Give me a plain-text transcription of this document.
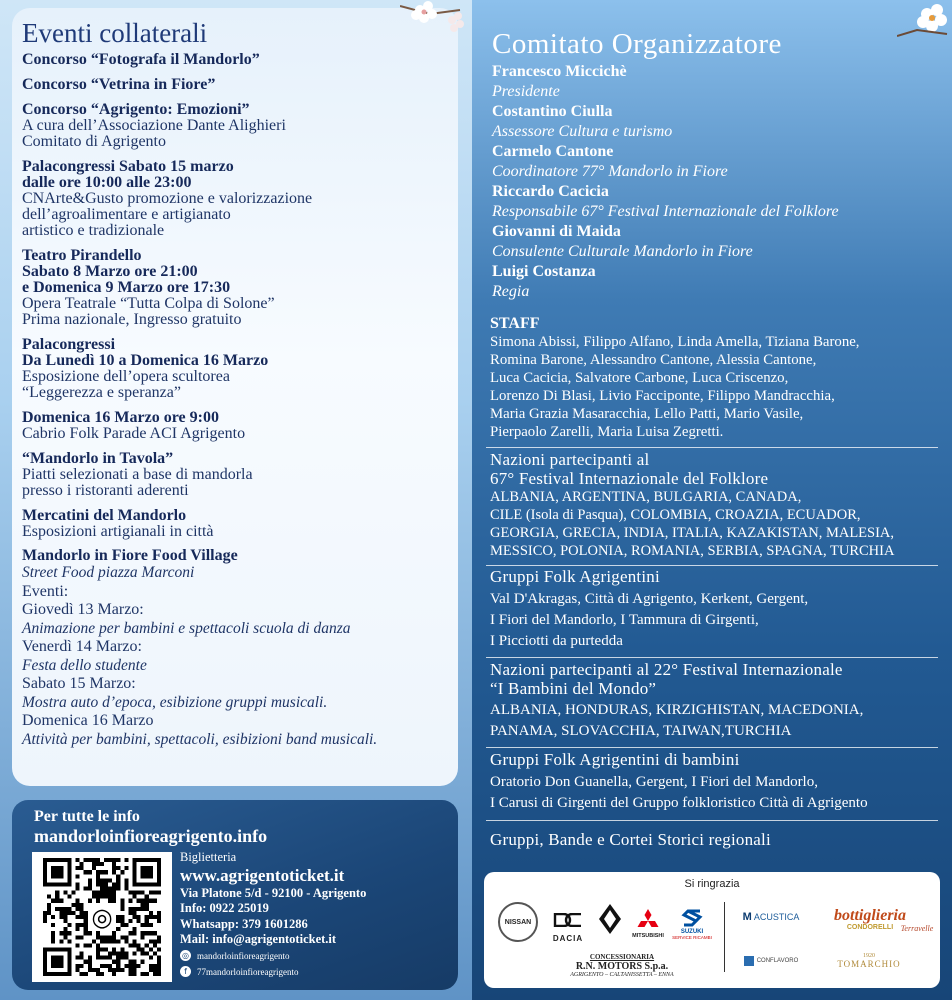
Eventi collaterali
Concorso “Fotografa il Mandorlo”
Concorso “Vetrina in Fiore”
Concorso “Agrigento: Emozioni”
A cura dell’Associazione Dante Alighieri
Comitato di Agrigento
Palacongressi Sabato 15 marzo
dalle ore 10:00 alle 23:00
CNArte&Gusto promozione e valorizzazione
dell’agroalimentare e artigianato
artistico e tradizionale
Teatro Pirandello
Sabato 8 Marzo ore 21:00
e Domenica 9 Marzo ore 17:30
Opera Teatrale “Tutta Colpa di Solone”
Prima nazionale, Ingresso gratuito
Palacongressi
Da Lunedì 10 a Domenica 16 Marzo
Esposizione dell’opera scultorea
“Leggerezza e speranza”
Domenica 16 Marzo ore 9:00
Cabrio Folk Parade ACI Agrigento
“Mandorlo in Tavola”
Piatti selezionati a base di mandorla
presso i ristoranti aderenti
Mercatini del Mandorlo
Esposizioni artigianali in città
Mandorlo in Fiore Food Village
Street Food piazza Marconi
Eventi:
Giovedì 13 Marzo:
Animazione per bambini e spettacoli scuola di danza
Venerdì 14 Marzo:
Festa dello studente
Sabato 15 Marzo:
Mostra auto d’epoca, esibizione gruppi musicali.
Domenica 16 Marzo
Attività per bambini, spettacoli, esibizioni band musicali.
Per tutte le info
mandorloinfioreagrigento.info
◎
Biglietteria
www.agrigentoticket.it
Via Platone 5/d - 92100 - Agrigento
Info: 0922 25019
Whatsapp: 379 1601286
Mail: info@agrigentoticket.it
◎ mandorloinfioreagrigento
f	77mandorloinfioreagrigento
Comitato Organizzatore
Francesco Miccichè
Presidente
Costantino Ciulla
Assessore Cultura e turismo
Carmelo Cantone
Coordinatore 77° Mandorlo in Fiore
Riccardo Cacicia
Responsabile 67° Festival Internazionale del Folklore
Giovanni di Maida
Consulente Culturale Mandorlo in Fiore
Luigi Costanza
Regia
STAFF
Simona Abissi, Filippo Alfano, Linda Amella, Tiziana Barone,
Romina Barone, Alessandro Cantone, Alessia Cantone,
Luca Cacicia, Salvatore Carbone, Luca Criscenzo,
Lorenzo Di Blasi, Livio Facciponte, Filippo Mandracchia,
Maria Grazia Masaracchia, Lello Patti, Mario Vasile,
Pierpaolo Zarelli, Maria Luisa Zegretti.
Nazioni partecipanti al
67° Festival Internazionale del Folklore
ALBANIA, ARGENTINA, BULGARIA, CANADA,
CILE (Isola di Pasqua), COLOMBIA, CROAZIA, ECUADOR,
GEORGIA, GRECIA, INDIA, ITALIA, KAZAKISTAN, MALESIA,
MESSICO, POLONIA, ROMANIA, SERBIA, SPAGNA, TURCHIA
Gruppi Folk Agrigentini
Val D'Akragas, Città di Agrigento, Kerkent, Gergent,
I Fiori del Mandorlo, I Tammura di Girgenti,
I Picciotti da purtedda
Nazioni partecipanti al 22° Festival Internazionale
“I Bambini del Mondo”
ALBANIA, HONDURAS, KIRZIGHISTAN, MACEDONIA,
PANAMA, SLOVACCHIA, TAIWAN,TURCHIA
Gruppi Folk Agrigentini di bambini
Oratorio Don Guanella, Gergent, I Fiori del Mandorlo,
I Carusi di Girgenti del Gruppo folkloristico Città di Agrigento
Gruppi, Bande e Cortei Storici regionali
Si ringrazia
NISSAN
DACIA	MITSUBISHI
SUZUKI
SERVICE RICAMBI
CONCESSIONARIA
R.N. MOTORS S.p.a.
AGRIGENTO – CALTANISSETTA – ENNA
M ACUSTICA bottiglieria
CONDORELLI Terravelle
CONFLAVORO
1920
TOMARCHIO
